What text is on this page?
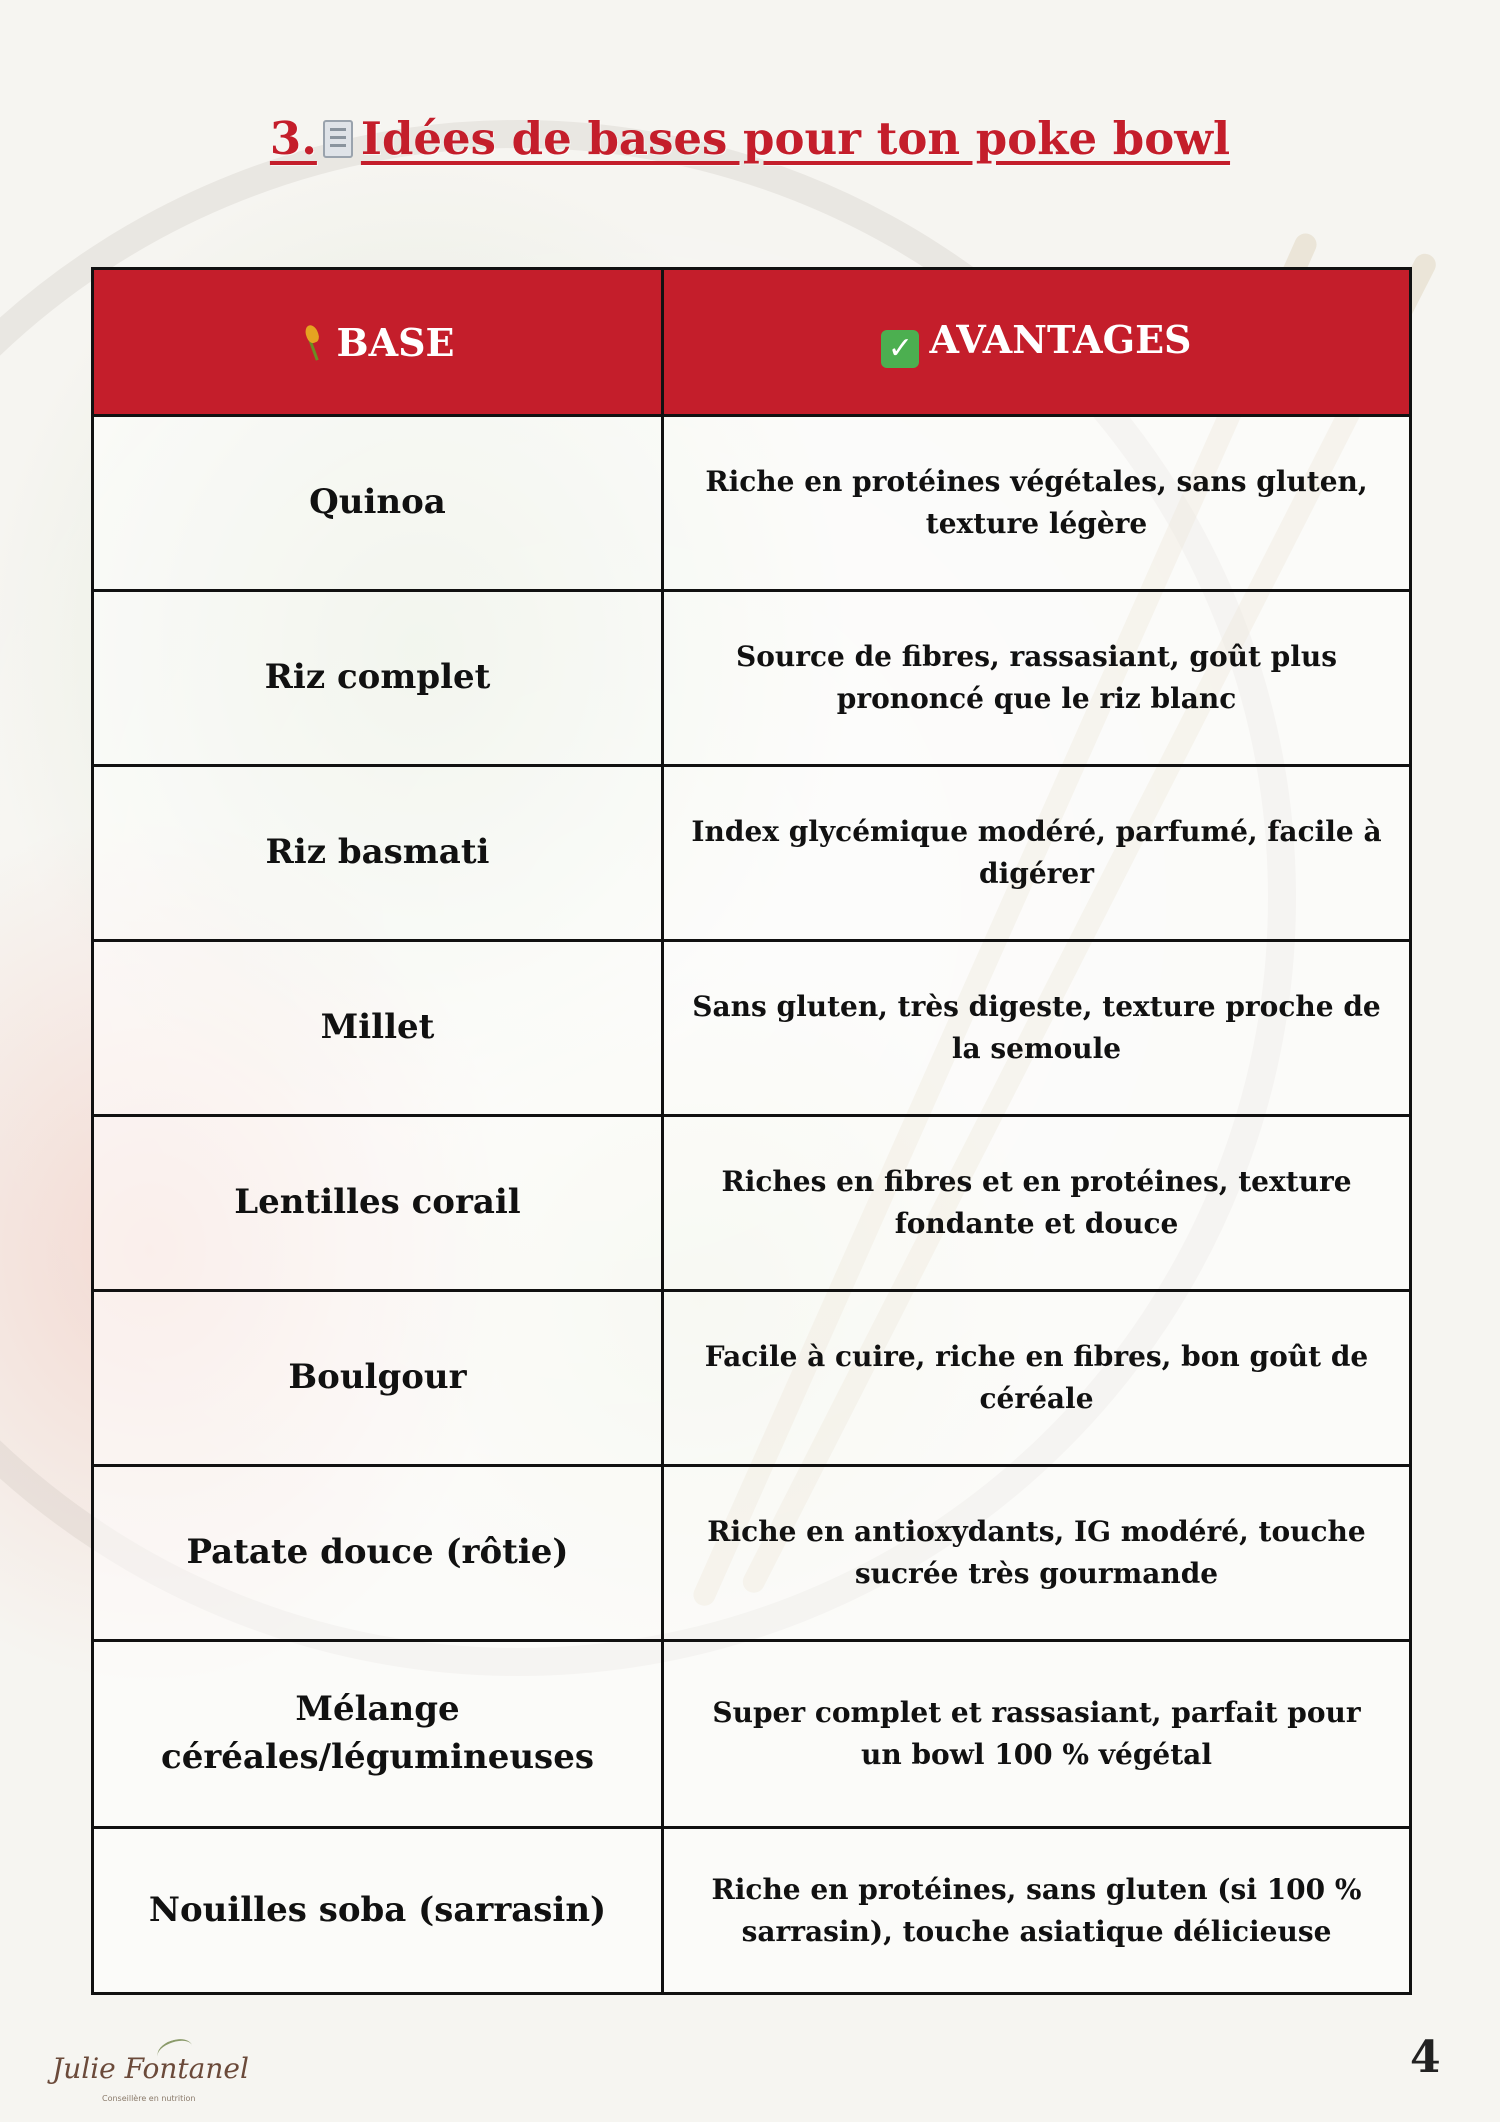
3. Idées de bases pour ton poke bowl
BASE	✓ AVANTAGES
Quinoa	Riche en protéines végétales, sans gluten, texture légère
Riz complet	Source de fibres, rassasiant, goût plus prononcé que le riz blanc
Riz basmati	Index glycémique modéré, parfumé, facile à digérer
Millet	Sans gluten, très digeste, texture proche de la semoule
Lentilles corail	Riches en fibres et en protéines, texture fondante et douce
Boulgour	Facile à cuire, riche en fibres, bon goût de céréale
Patate douce (rôtie)	Riche en antioxydants, IG modéré, touche sucrée très gourmande
Mélange céréales/légumineuses	Super complet et rassasiant, parfait pour un bowl 100 % végétal
Nouilles soba (sarrasin)	Riche en protéines, sans gluten (si 100 % sarrasin), touche asiatique délicieuse
Julie Fontanel
Conseillère en nutrition
4
